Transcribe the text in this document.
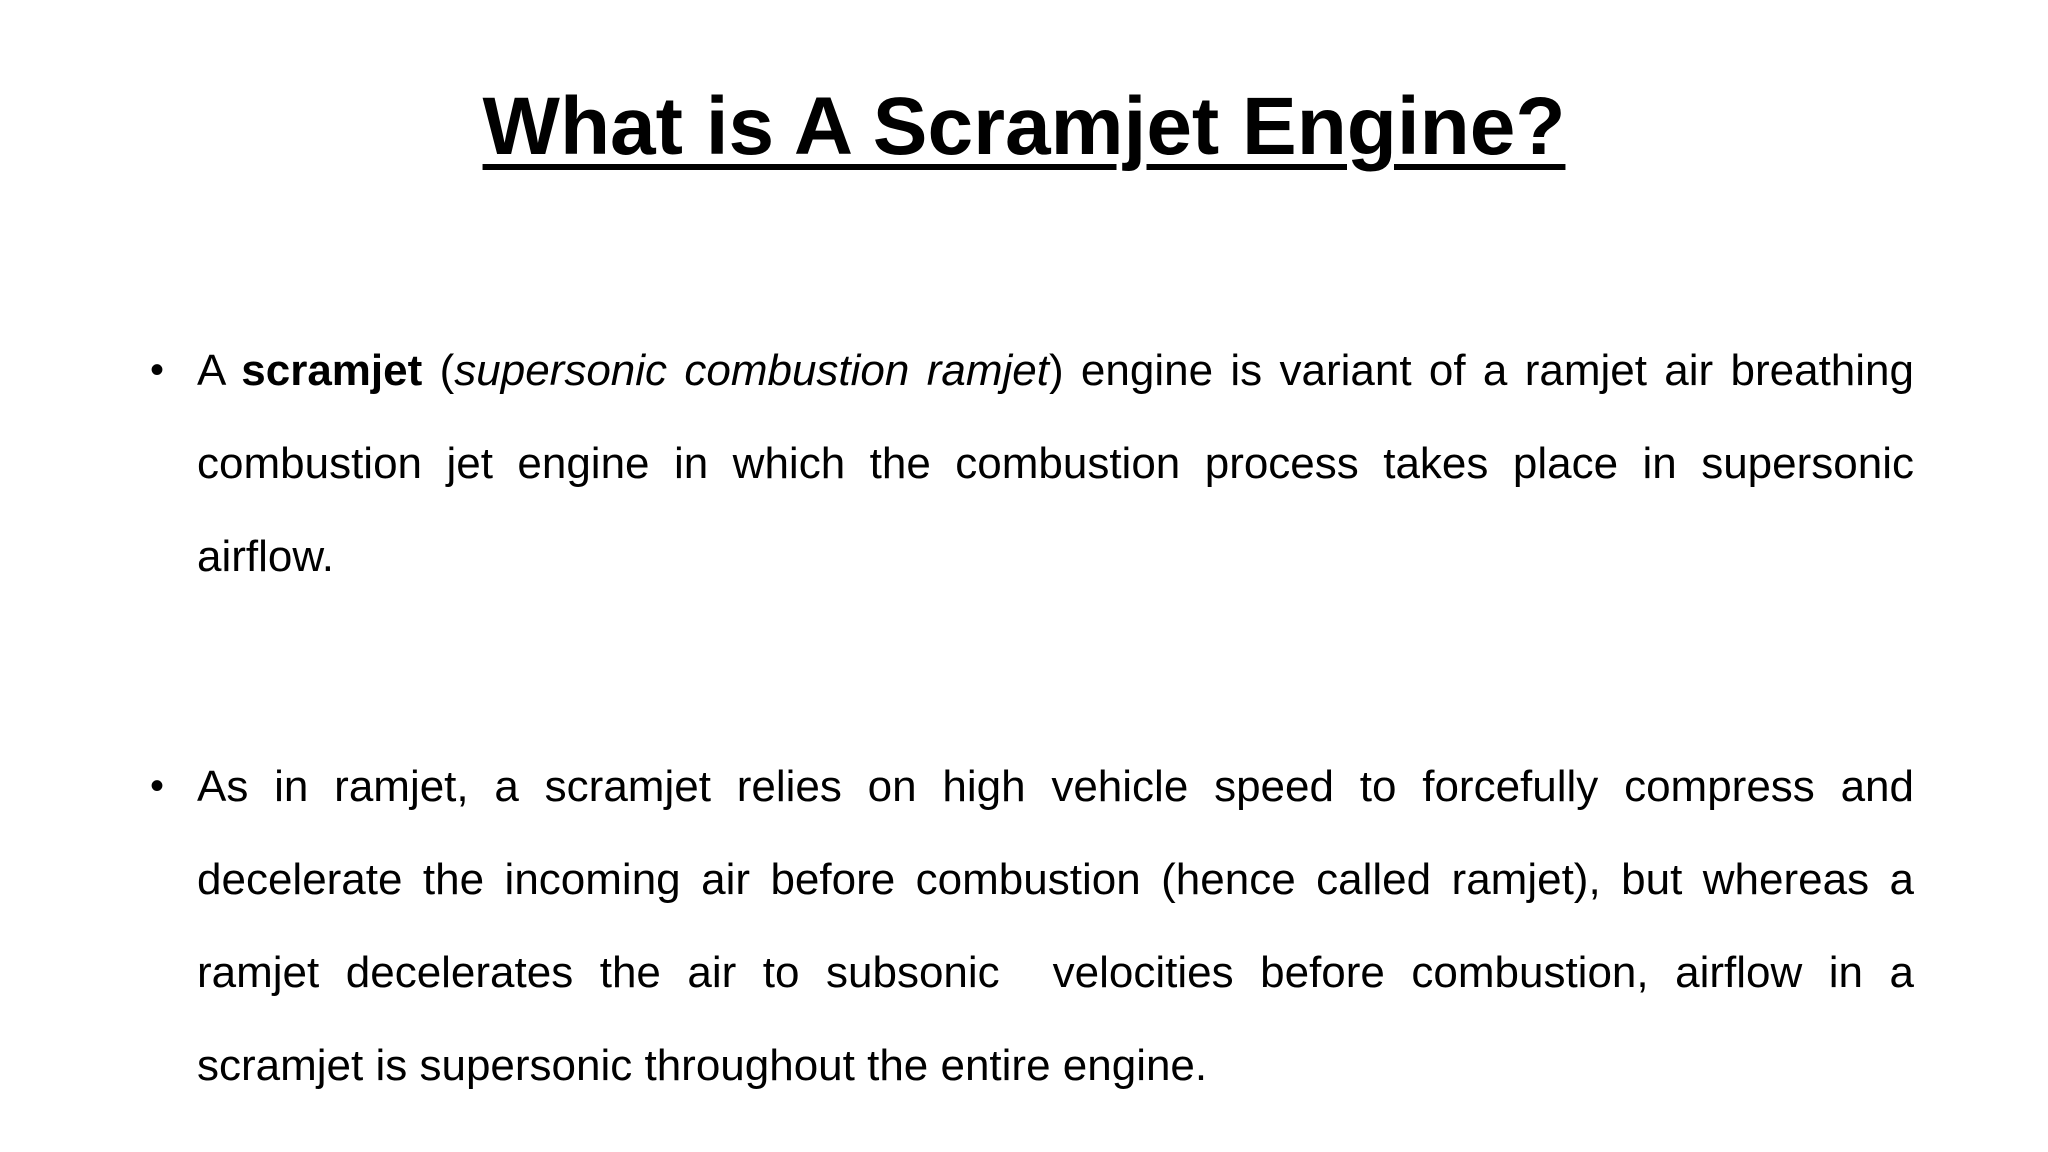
What is A Scramjet Engine?
• A scramjet (supersonic combustion ramjet) engine is variant of a ramjet air breathing combustion jet engine in which the combustion process takes place in supersonic airflow.
• As in ramjet, a scramjet relies on high vehicle speed to forcefully compress and decelerate the incoming air before combustion (hence called ramjet), but whereas a ramjet decelerates the air to subsonic  velocities before combustion, airflow in a scramjet is supersonic throughout the entire engine.
